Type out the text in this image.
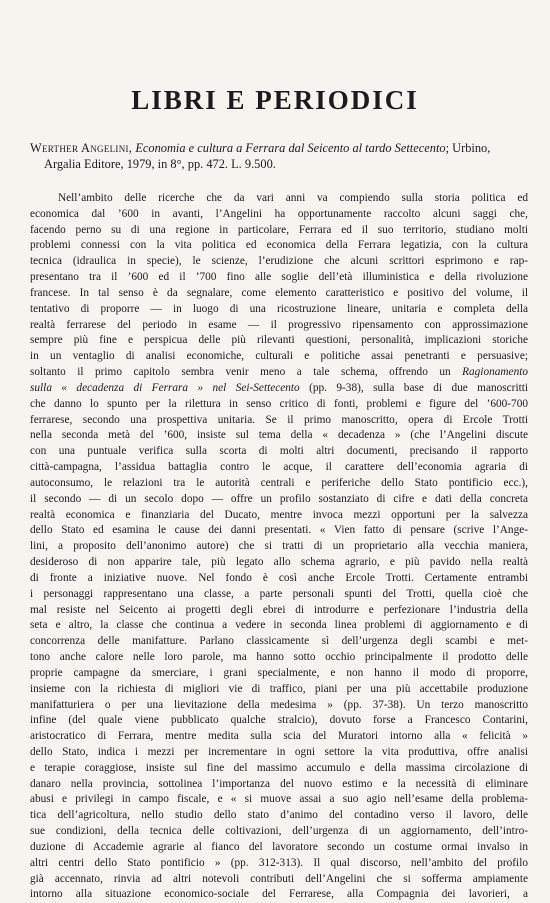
LIBRI E PERIODICI
Werther Angelini, Economia e cultura a Ferrara dal Seicento al tardo Settecento; Urbino,
Argalia Editore, 1979, in 8°, pp. 472. L. 9.500.
Nell’ambito delle ricerche che da vari anni va compiendo sulla storia politica ed
economica dal ’600 in avanti, l’Angelini ha opportunamente raccolto alcuni saggi che,
facendo perno su di una regione in particolare, Ferrara ed il suo territorio, studiano molti
problemi connessi con la vita politica ed economica della Ferrara legatizia, con la cultura
tecnica (idraulica in specie), le scienze, l’erudizione che alcuni scrittori esprimono e rap-
presentano tra il ’600 ed il ’700 fino alle soglie dell’età illuministica e della rivoluzione
francese. In tal senso è da segnalare, come elemento caratteristico e positivo del volume, il
tentativo di proporre — in luogo di una ricostruzione lineare, unitaria e completa della
realtà ferrarese del periodo in esame — il progressivo ripensamento con approssimazione
sempre più fine e perspicua delle più rilevanti questioni, personalità, implicazioni storiche
in un ventaglio di analisi economiche, culturali e politiche assai penetranti e persuasive;
soltanto il primo capitolo sembra venir meno a tale schema, offrendo un Ragionamento
sulla « decadenza di Ferrara » nel Sei-Settecento (pp. 9-38), sulla base di due manoscritti
che danno lo spunto per la rilettura in senso critico di fonti, problemi e figure del ’600-700
ferrarese, secondo una prospettiva unitaria. Se il primo manoscritto, opera di Ercole Trotti
nella seconda metà del ’600, insiste sul tema della « decadenza » (che l’Angelini discute
con una puntuale verifica sulla scorta di molti altri documenti, precisando il rapporto
città-campagna, l’assidua battaglia contro le acque, il carattere dell’economia agraria di
autoconsumo, le relazioni tra le autorità centrali e periferiche dello Stato pontificio ecc.),
il secondo — di un secolo dopo — offre un profilo sostanziato di cifre e dati della concreta
realtà economica e finanziaria del Ducato, mentre invoca mezzi opportuni per la salvezza
dello Stato ed esamina le cause dei danni presentati. « Vien fatto di pensare (scrive l’Ange-
lini, a proposito dell’anonimo autore) che si tratti di un proprietario alla vecchia maniera,
desideroso di non apparire tale, più legato allo schema agrario, e più pavido nella realtà
di fronte a iniziative nuove. Nel fondo è così anche Ercole Trotti. Certamente entrambi
i personaggi rappresentano una classe, a parte personali spunti del Trotti, quella cioè che
mal resiste nel Seicento ai progetti degli ebrei di introdurre e perfezionare l’industria della
seta e altro, la classe che continua a vedere in seconda linea problemi di aggiornamento e di
concorrenza delle manifatture. Parlano classicamente sì dell’urgenza degli scambi e met-
tono anche calore nelle loro parole, ma hanno sotto occhio principalmente il prodotto delle
proprie campagne da smerciare, i grani specialmente, e non hanno il modo di proporre,
insieme con la richiesta di migliori vie di traffico, piani per una più accettabile produzione
manifatturiera o per una lievitazione della medesima » (pp. 37-38). Un terzo manoscritto
infine (del quale viene pubblicato qualche stralcio), dovuto forse a Francesco Contarini,
aristocratico di Ferrara, mentre medita sulla scia del Muratori intorno alla « felicità »
dello Stato, indica i mezzi per incrementare in ogni settore la vita produttiva, offre analisi
e terapie coraggiose, insiste sul fine del massimo accumulo e della massima circolazione di
danaro nella provincia, sottolinea l’importanza del nuovo estimo e la necessità di eliminare
abusi e privilegi in campo fiscale, e « si muove assai a suo agio nell’esame della problema-
tica dell’agricoltura, nello studio dello stato d’animo del contadino verso il lavoro, delle
sue condizioni, della tecnica delle coltivazioni, dell’urgenza di un aggiornamento, dell’intro-
duzione di Accademie agrarie al fianco del lavoratore secondo un costume ormai invalso in
altri centri dello Stato pontificio » (pp. 312-313). Il qual discorso, nell’ambito del profilo
già accennato, rinvia ad altri notevoli contributi dell’Angelini che si sofferma ampiamente
intorno alla situazione economico-sociale del Ferrarese, alla Compagnia dei lavorieri, a
